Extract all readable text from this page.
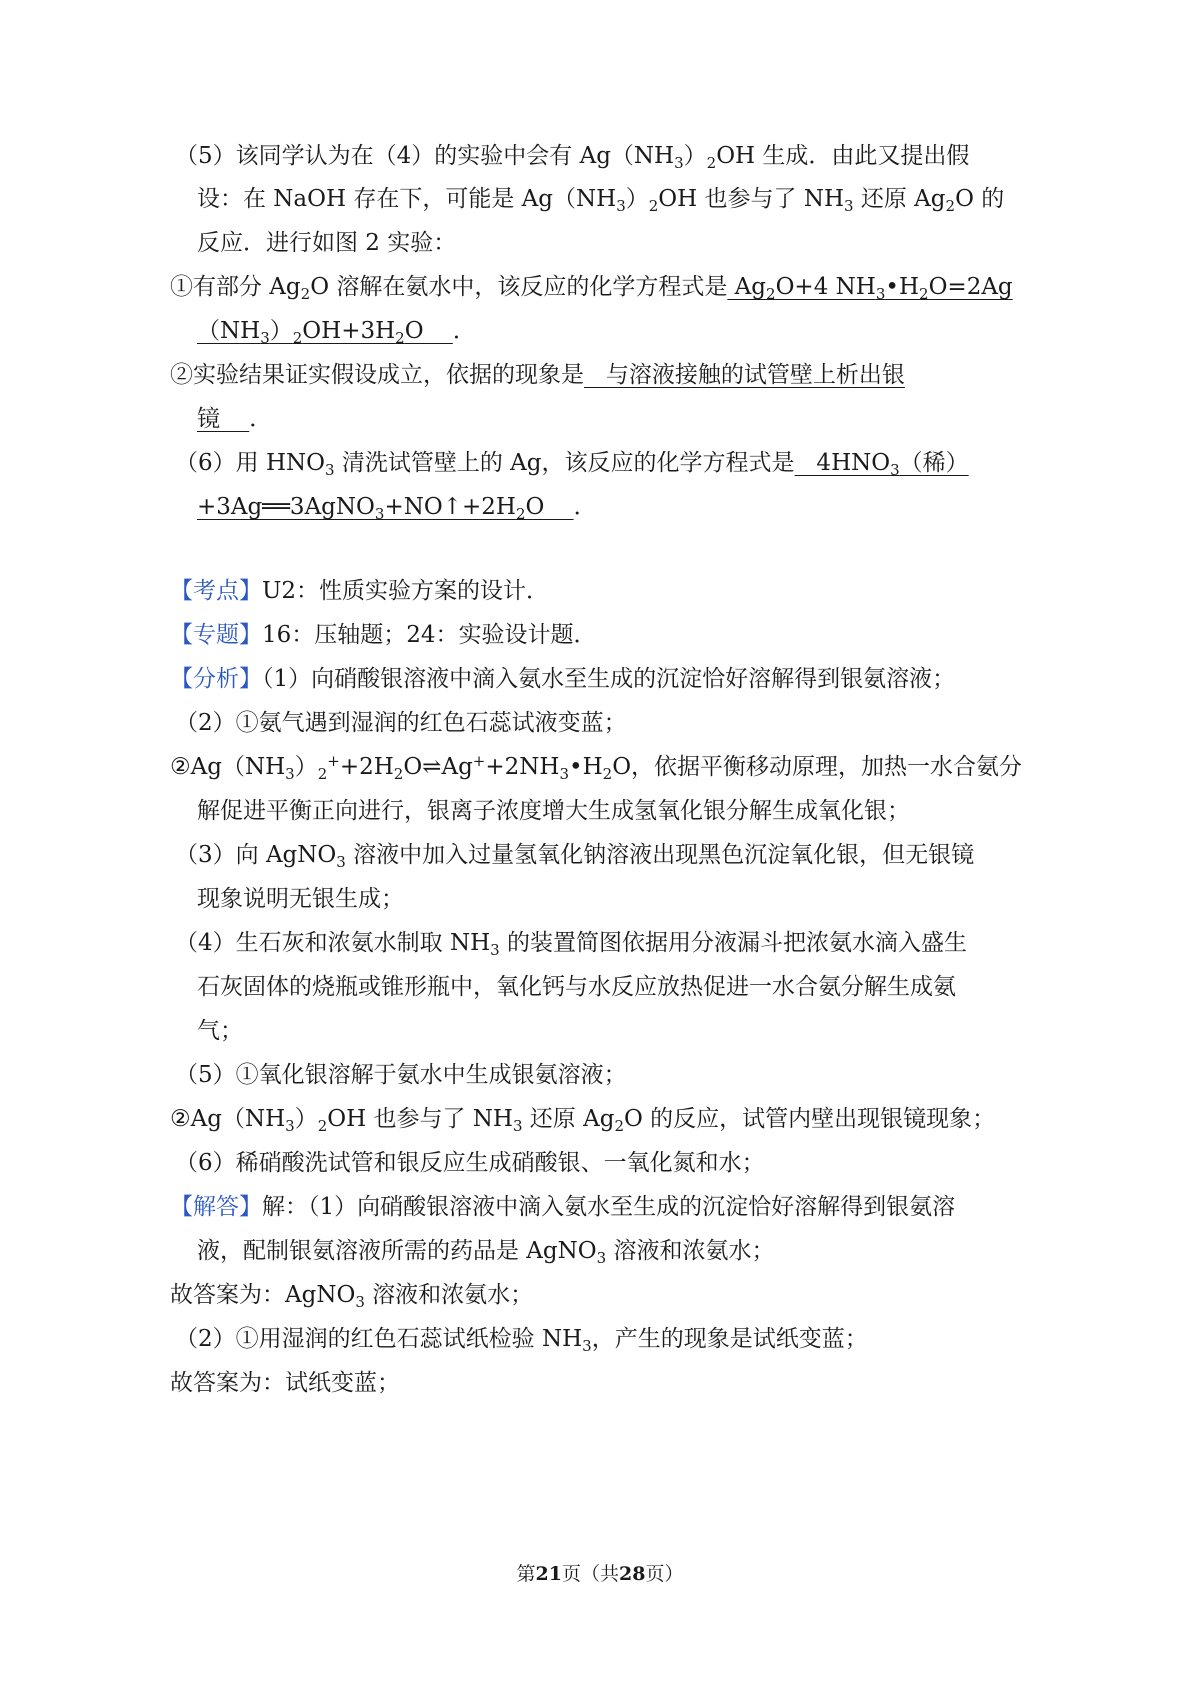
（5）该同学认为在（4）的实验中会有 $Ag(NH_3)_2OH$ 生成．由此又提出假
设：在 NaOH 存在下，可能是 $Ag(NH_3)_2OH$ 也参与了 $NH_3$ 还原 $Ag_2O$ 的
反应．进行如图 2 实验：
①有部分 $Ag_2O$ 溶解在氨水中，该反应的化学方程式是 $Ag_2O+4$ $NH_3•H_2O=2Ag$
$(NH_3)_2OH+3H_2O$    ．
②实验结果证实假设成立，依据的现象是   与溶液接触的试管壁上析出银
镜    ．
（6）用 $HNO_3$ 清洗试管壁上的 Ag，该反应的化学方程式是   $4HNO_3$（稀）
$+3Ag══3AgNO_3+NO↑+2H_2O$    ．
【考点】U2：性质实验方案的设计．
【专题】16：压轴题；24：实验设计题．
【分析】（1）向硝酸银溶液中滴入氨水至生成的沉淀恰好溶解得到银氨溶液；
（2）①氨气遇到湿润的红色石蕊试液变蓝；
$②Ag(NH_3)_2^++2H_2O\rightleftharpoons Ag^++2NH_3•H_2O$，依据平衡移动原理，加热一水合氨分
解促进平衡正向进行，银离子浓度增大生成氢氧化银分解生成氧化银；
（3）向 AgNO$_3$ 溶液中加入过量氢氧化钠溶液出现黑色沉淀氧化银，但无银镜
现象说明无银生成；
（4）生石灰和浓氨水制取 $NH_3$ 的装置简图依据用分液漏斗把浓氨水滴入盛生
石灰固体的烧瓶或锥形瓶中，氧化钙与水反应放热促进一水合氨分解生成氨
气；
（5）①氧化银溶解于氨水中生成银氨溶液；
$②Ag(NH_3)_2OH$ 也参与了 $NH_3$ 还原 $Ag_2O$ 的反应，试管内壁出现银镜现象；
（6）稀硝酸洗试管和银反应生成硝酸银、一氧化氮和水；
【解答】解：（1）向硝酸银溶液中滴入氨水至生成的沉淀恰好溶解得到银氨溶
液，配制银氨溶液所需的药品是 AgNO$_3$ 溶液和浓氨水；
故答案为：AgNO$_3$ 溶液和浓氨水；
（2）①用湿润的红色石蕊试纸检验 $NH_3$，产生的现象是试纸变蓝；
故答案为：试纸变蓝；
第21页（共28页）
